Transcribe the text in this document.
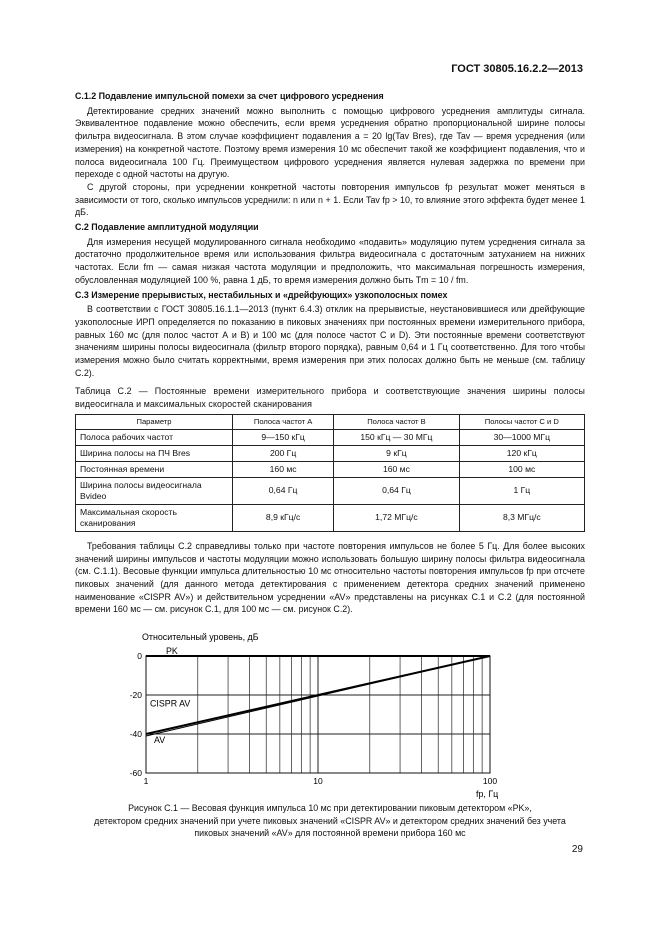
ГОСТ 30805.16.2.2—2013
С.1.2 Подавление импульсной помехи за счет цифрового усреднения

Детектирование средних значений можно выполнить с помощью цифрового усреднения амплитуды сигнала. Эквивалентное подавление можно обеспечить, если время усреднения обратно пропорциональной ширине полосы фильтра видеосигнала. В этом случае коэффициент подавления a = 20 lg(Tav Bres), где Tav — время усреднения (или измерения) на конкретной частоте. Поэтому время измерения 10 мс обеспечит такой же коэффициент подавления, что и полоса видеосигнала 100 Гц. Преимуществом цифрового усреднения является нулевая задержка по времени при переходе с одной частоты на другую.

С другой стороны, при усреднении конкретной частоты повторения импульсов fp результат может меняться в зависимости от того, сколько импульсов усреднили: n или n + 1. Если Tav fp > 10, то влияние этого эффекта будет менее 1 дБ.

С.2 Подавление амплитудной модуляции

Для измерения несущей модулированного сигнала необходимо «подавить» модуляцию путем усреднения сигнала за достаточно продолжительное время или использования фильтра видеосигнала с достаточным затуханием на нижних частотах. Если fm — самая низкая частота модуляции и предположить, что максимальная погрешность измерения, обусловленная модуляцией 100 %, равна 1 дБ, то время измерения должно быть Tm = 10 / fm.

С.3 Измерение прерывистых, нестабильных и «дрейфующих» узкополосных помех

В соответствии с ГОСТ 30805.16.1.1—2013 (пункт 6.4.3) отклик на прерывистые, неустановившиеся или дрейфующие узкополосные ИРП определяется по показанию в пиковых значениях при постоянных времени измерительного прибора, равных 160 мс (для полос частот А и В) и 100 мс (для полосе частот С и D). Эти постоянные времени соответствуют значениям ширины полосы видеосигнала (фильтр второго порядка), равным 0,64 и 1 Гц соответственно. Для того чтобы измерения можно было считать корректными, время измерения при этих полосах должно быть не меньше (см. таблицу С.2).

Таблица С.2 — Постоянные времени измерительного прибора и соответствующие значения ширины полосы видеосигнала и максимальных скоростей сканирования

Параметр	Полоса частот А	Полоса частот В	Полосы частот С и D
Полоса рабочих частот	9—150 кГц	150 кГц — 30 МГц	30—1000 МГц
Ширина полосы на ПЧ Bres	200 Гц	9 кГц	120 кГц
Постоянная времени	160 мс	160 мс	100 мс
Ширина полосы видеосигнала Bvideo	0,64 Гц	0,64 Гц	1 Гц
Максимальная скорость сканирования	8,9 кГц/с	1,72 МГц/с	8,3 МГц/с

Требования таблицы С.2 справедливы только при частоте повторения импульсов не более 5 Гц. Для более высоких значений ширины импульсов и частоты модуляции можно использовать большую ширину полосы фильтра видеосигнала (см. С.1.1). Весовые функции импульса длительностью 10 мс относительно частоты повторения импульсов fp при отсчете пиковых значений (для данного метода детектирования с применением детектора средних значений применено наименование «CISPR AV») и действительном усреднении «AV» представлены на рисунках С.1 и С.2 (для постоянной времени 160 мс — см. рисунок С.1, для 100 мс — см. рисунок С.2).

Относительный уровень, дБ
fp, Гц
0
-20
-40
-60
1	10	100
PK
CISPR AV
AV
Рисунок С.1 — Весовая функция импульса 10 мс при детектировании пиковым детектором «PK»,
детектором средних значений при учете пиковых значений «CISPR AV» и детектором средних значений без учета
пиковых значений «AV» для постоянной времени прибора 160 мс
29
